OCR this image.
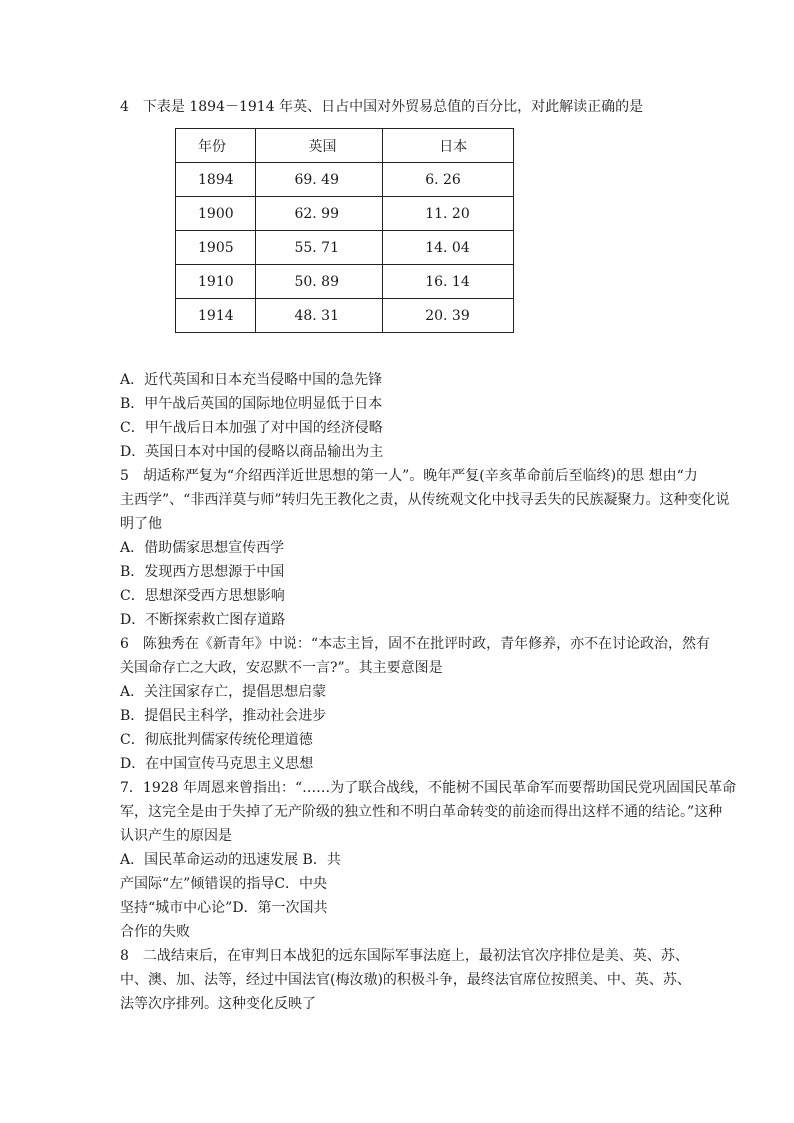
4　下表是 1894－1914 年英、日占中国对外贸易总值的百分比，对此解读正确的是
年份	英国	日本
1894	69. 49	6. 26
1900	62. 99	11. 20
1905	55. 71	14. 04
1910	50. 89	16. 14
1914	48. 31	20. 39
A．近代英国和日本充当侵略中国的急先锋
B．甲午战后英国的国际地位明显低于日本
C．甲午战后日本加强了对中国的经济侵略
D．英国日本对中国的侵略以商品输出为主
5　胡适称严复为“介绍西洋近世思想的第一人”。晚年严复(辛亥革命前后至临终)的思 想由“力
主西学”、“非西洋莫与师”转归先王教化之责，从传统观文化中找寻丢失的民族凝聚力。这种变化说
明了他
A．借助儒家思想宣传西学
B．发现西方思想源于中国
C．思想深受西方思想影响
D．不断探索救亡图存道路
6　陈独秀在《新青年》中说：“本志主旨，固不在批评时政，青年修养，亦不在讨论政治，然有
关国命存亡之大政，安忍默不一言?”。其主要意图是
A．关注国家存亡，提倡思想启蒙
B．提倡民主科学，推动社会进步
C．彻底批判儒家传统伦理道德
D．在中国宣传马克思主义思想
7．1928 年周恩来曾指出：“……为了联合战线，不能树不国民革命军而要帮助国民党巩固国民革命
军，这完全是由于失掉了无产阶级的独立性和不明白革命转变的前途而得出这样不通的结论。”这种
认识产生的原因是
A．国民革命运动的迅速发展 B．共
产国际“左”倾错误的指导C．中央
坚持“城市中心论”D．第一次国共
合作的失败
8　二战结束后，在审判日本战犯的远东国际军事法庭上，最初法官次序排位是美、英、苏、
中、澳、加、法等，经过中国法官(梅汝璈)的积极斗争，最终法官席位按照美、中、英、苏、
法等次序排列。这种变化反映了
